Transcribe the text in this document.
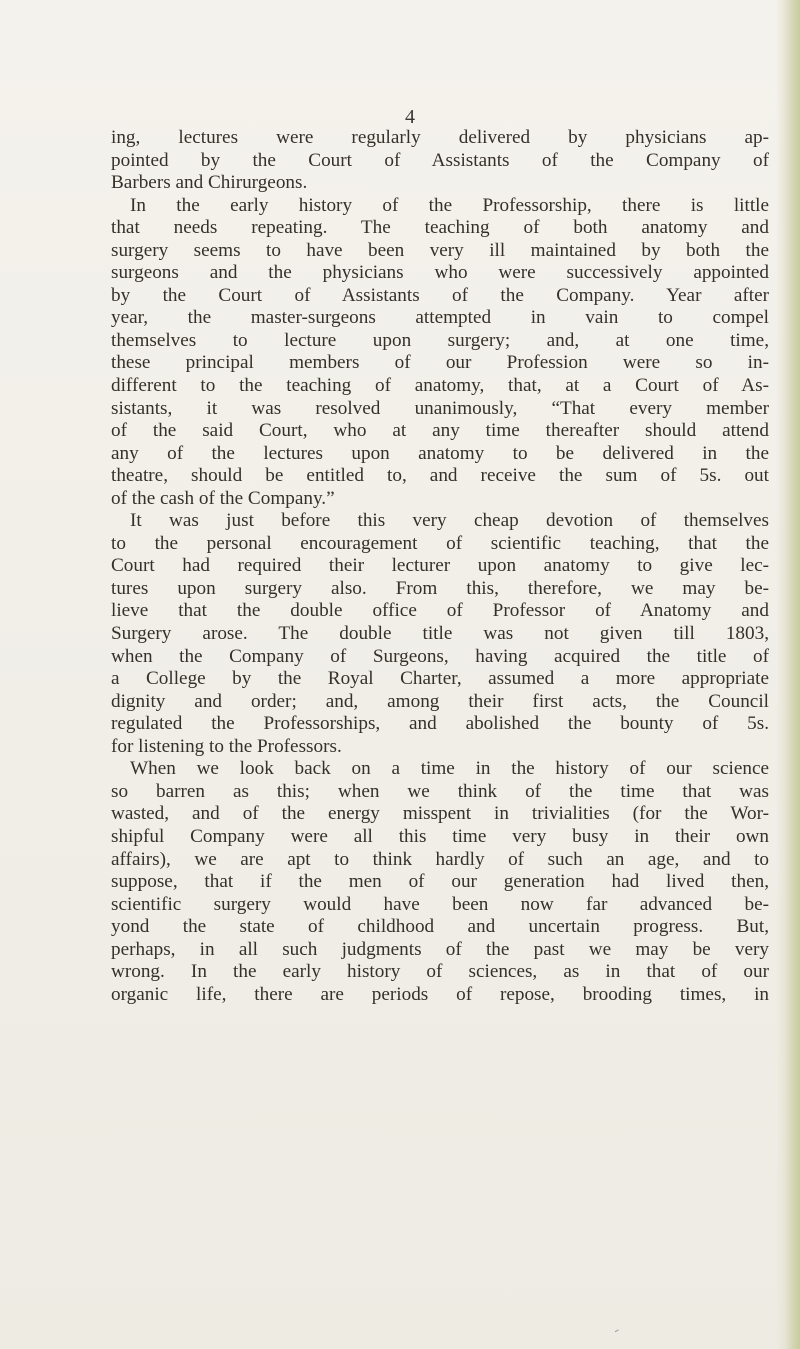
4
ing, lectures were regularly delivered by physicians ap-
pointed by the Court of Assistants of the Company of
Barbers and Chirurgeons.
In the early history of the Professorship, there is little
that needs repeating. The teaching of both anatomy and
surgery seems to have been very ill maintained by both the
surgeons and the physicians who were successively appointed
by the Court of Assistants of the Company. Year after
year, the master-surgeons attempted in vain to compel
themselves to lecture upon surgery; and, at one time,
these principal members of our Profession were so in-
different to the teaching of anatomy, that, at a Court of As-
sistants, it was resolved unanimously, “That every member
of the said Court, who at any time thereafter should attend
any of the lectures upon anatomy to be delivered in the
theatre, should be entitled to, and receive the sum of 5s. out
of the cash of the Company.”
It was just before this very cheap devotion of themselves
to the personal encouragement of scientific teaching, that the
Court had required their lecturer upon anatomy to give lec-
tures upon surgery also. From this, therefore, we may be-
lieve that the double office of Professor of Anatomy and
Surgery arose. The double title was not given till 1803,
when the Company of Surgeons, having acquired the title of
a College by the Royal Charter, assumed a more appropriate
dignity and order; and, among their first acts, the Council
regulated the Professorships, and abolished the bounty of 5s.
for listening to the Professors.
When we look back on a time in the history of our science
so barren as this; when we think of the time that was
wasted, and of the energy misspent in trivialities (for the Wor-
shipful Company were all this time very busy in their own
affairs), we are apt to think hardly of such an age, and to
suppose, that if the men of our generation had lived then,
scientific surgery would have been now far advanced be-
yond the state of childhood and uncertain progress. But,
perhaps, in all such judgments of the past we may be very
wrong. In the early history of sciences, as in that of our
organic life, there are periods of repose, brooding times, in
